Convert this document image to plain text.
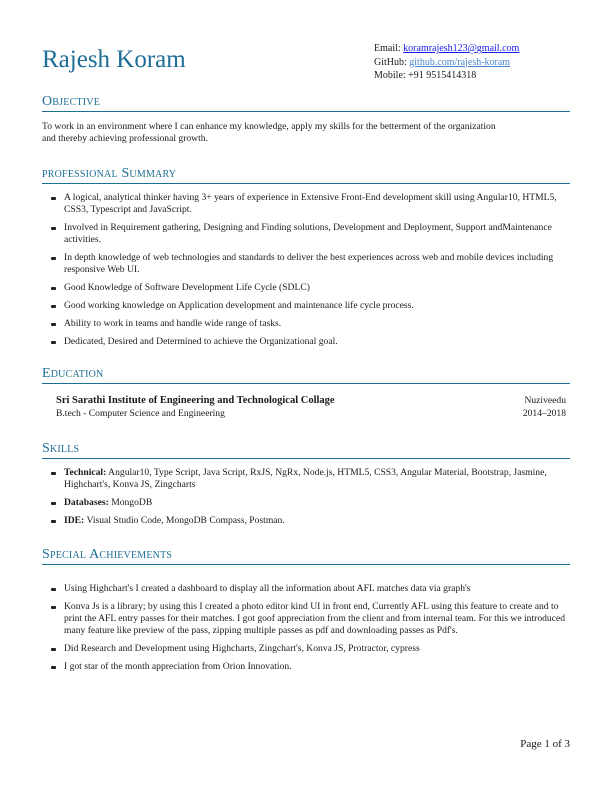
Rajesh Koram	Email: koramrajesh123@gmail.com
GitHub: github.com/rajesh-koram
Mobile: +91 9515414318
Objective
To work in an environment where I can enhance my knowledge, apply my skills for the betterment of the organization and thereby achieving professional growth.
professional Summary
A logical, analytical thinker having 3+ years of experience in Extensive Front-End development skill using Angular10, HTML5, CSS3, Typescript and JavaScript.
Involved in Requirement gathering, Designing and Finding solutions, Development and Deployment, Support andMaintenance activities.
In depth knowledge of web technologies and standards to deliver the best experiences across web and mobile devices including responsive Web UI.
Good Knowledge of Software Development Life Cycle (SDLC)
Good working knowledge on Application development and maintenance life cycle process.
Ability to work in teams and handle wide range of tasks.
Dedicated, Desired and Determined to achieve the Organizational goal.
Education
Sri Sarathi Institute of Engineering and Technological Collage	Nuziveedu
B.tech - Computer Science and Engineering	2014–2018
Skills
Technical: Angular10, Type Script, Java Script, RxJS, NgRx, Node.js, HTML5, CSS3, Angular Material, Bootstrap, Jasmine, Highchart's, Konva JS, Zingcharts
Databases: MongoDB
IDE: Visual Studio Code, MongoDB Compass, Postman.
Special Achievements
Using Highchart's I created a dashboard to display all the information about AFL matches data via graph's
Konva Js is a library; by using this I created a photo editor kind UI in front end, Currently AFL using this feature to create and to print the AFL entry passes for their matches. I got goof appreciation from the client and from internal team. For this we introduced many feature like preview of the pass, zipping multiple passes as pdf and downloading passes as Pdf's.
Did Research and Development using Highcharts, Zingchart's, Konva JS, Protractor, cypress
I got star of the month appreciation from Orion Innovation.
Page 1 of 3
